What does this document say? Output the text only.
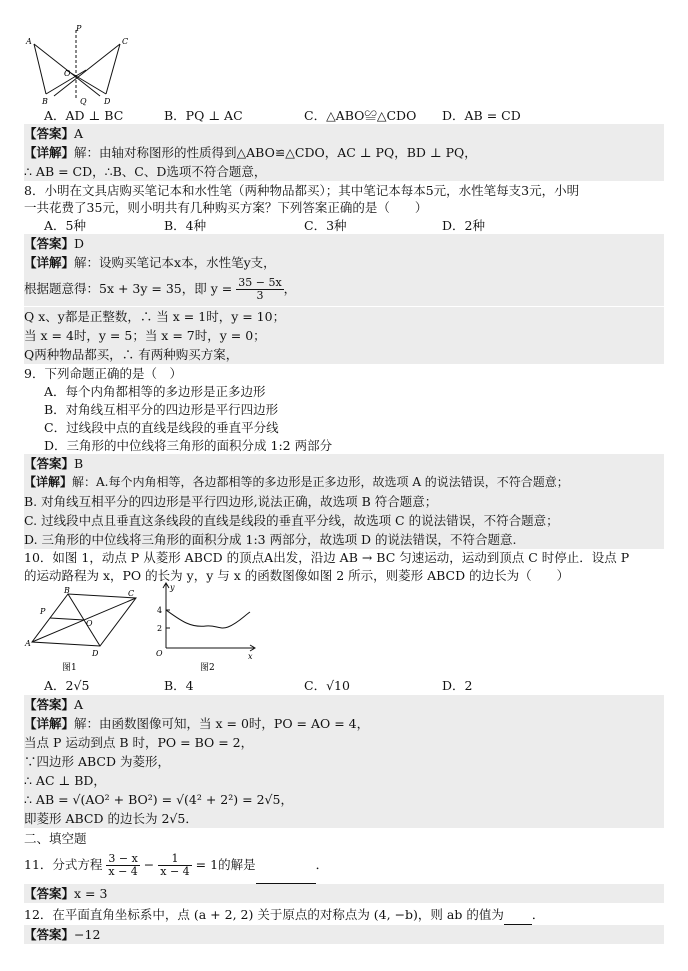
A
B
O
P
Q D
C
A．AD ⊥ BC	B．PQ ⊥ AC	C．△ABO≌△CDO D．AB = CD
【答案】A
【详解】解：由轴对称图形的性质得到△ABO≌△CDO，AC ⊥ PQ，BD ⊥ PQ，
∴ AB = CD，∴B、C、D选项不符合题意，
8．小明在文具店购买笔记本和水性笔（两种物品都买）；其中笔记本每本5元，水性笔每支3元，小明
一共花费了35元，则小明共有几种购买方案？下列答案正确的是（　　）
A．5种	B．4种	C．3种	D．2种
【答案】D
【详解】解：设购买笔记本x本，水性笔y支，
根据题意得：5x + 3y = 35，即 $y = \frac{35 - 5x}{3}$ ，
Q x、y都是正整数，∴ 当 x = 1时，y = 10；
当 x = 4时，y = 5；当 x = 7时，y = 0；
Q两种物品都买，∴ 有两种购买方案，
9．下列命题正确的是（　）
A．每个内角都相等的多边形是正多边形
B．对角线互相平分的四边形是平行四边形
C．过线段中点的直线是线段的垂直平分线
D．三角形的中位线将三角形的面积分成 1:2 两部分
【答案】B
【详解】解：A.每个内角相等，各边都相等的多边形是正多边形，故选项 A 的说法错误，不符合题意；
B. 对角线互相平分的四边形是平行四边形,说法正确，故选项 B 符合题意；
C. 过线段中点且垂直这条线段的直线是线段的垂直平分线，故选项 C 的说法错误，不符合题意；
D. 三角形的中位线将三角形的面积分成 1:3 两部分，故选项 D 的说法错误，不符合题意.
10．如图 1，动点 P 从菱形 ABCD 的顶点A出发，沿边 AB → BC 匀速运动，运动到顶点 C 时停止．设点 P
的运动路程为 x，PO 的长为 y，y 与 x 的函数图像如图 2 所示，则菱形 ABCD 的边长为（　　）
B	C
P
O
A
D
图1
y
4
2
O	x
图2
A．2√5	B．4	C．√10	D．2
【答案】A
【详解】解：由函数图像可知，当 x = 0时，PO = AO = 4，
当点 P 运动到点 B 时，PO = BO = 2，
∵四边形 ABCD 为菱形，
∴ AC ⊥ BD，
∴ AB = √(AO² + BO²) = √(4² + 2²) = 2√5，
即菱形 ABCD 的边长为 2√5．
二、填空题
11．分式方程 $\frac{3 - x}{x - 4} - \frac{1}{x - 4} = 1$的解是	．
【答案】x = 3
12．在平面直角坐标系中，点 (a + 2, 2) 关于原点的对称点为 (4, −b)，则 ab 的值为 ．
【答案】−12
